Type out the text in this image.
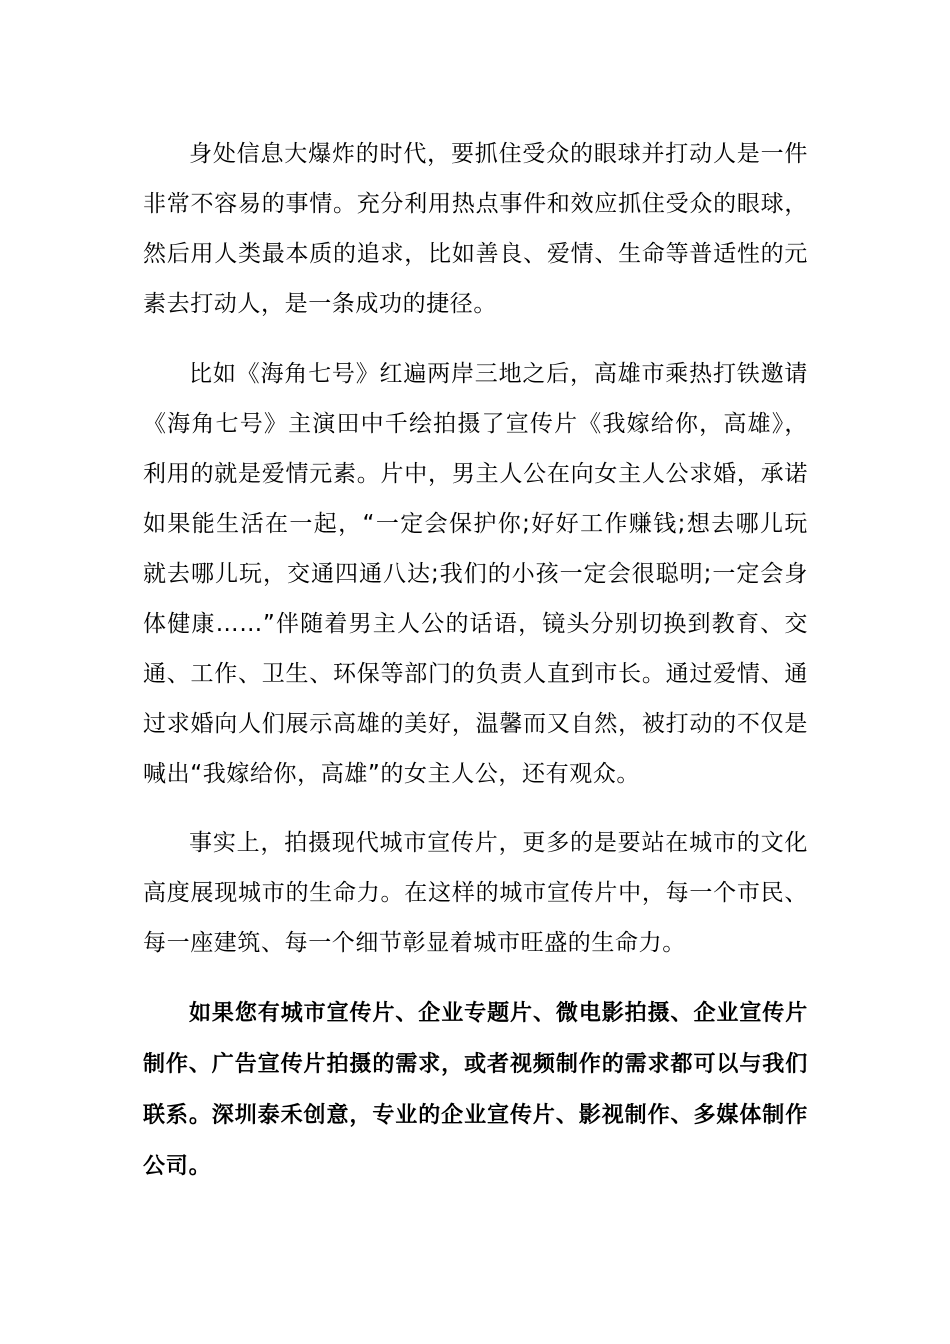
身处信息大爆炸的时代，要抓住受众的眼球并打动人是一件非常不容易的事情。充分利用热点事件和效应抓住受众的眼球，然后用人类最本质的追求，比如善良、爱情、生命等普适性的元素去打动人，是一条成功的捷径。

比如《海角七号》红遍两岸三地之后，高雄市乘热打铁邀请《海角七号》主演田中千绘拍摄了宣传片《我嫁给你，高雄》，利用的就是爱情元素。片中，男主人公在向女主人公求婚，承诺如果能生活在一起，“一定会保护你;好好工作赚钱;想去哪儿玩就去哪儿玩，交通四通八达;我们的小孩一定会很聪明;一定会身体健康……”伴随着男主人公的话语，镜头分别切换到教育、交通、工作、卫生、环保等部门的负责人直到市长。通过爱情、通过求婚向人们展示高雄的美好，温馨而又自然，被打动的不仅是喊出“我嫁给你，高雄”的女主人公，还有观众。

事实上，拍摄现代城市宣传片，更多的是要站在城市的文化高度展现城市的生命力。在这样的城市宣传片中，每一个市民、每一座建筑、每一个细节彰显着城市旺盛的生命力。

如果您有城市宣传片、企业专题片、微电影拍摄、企业宣传片制作、广告宣传片拍摄的需求，或者视频制作的需求都可以与我们联系。深圳泰禾创意，专业的企业宣传片、影视制作、多媒体制作公司。
